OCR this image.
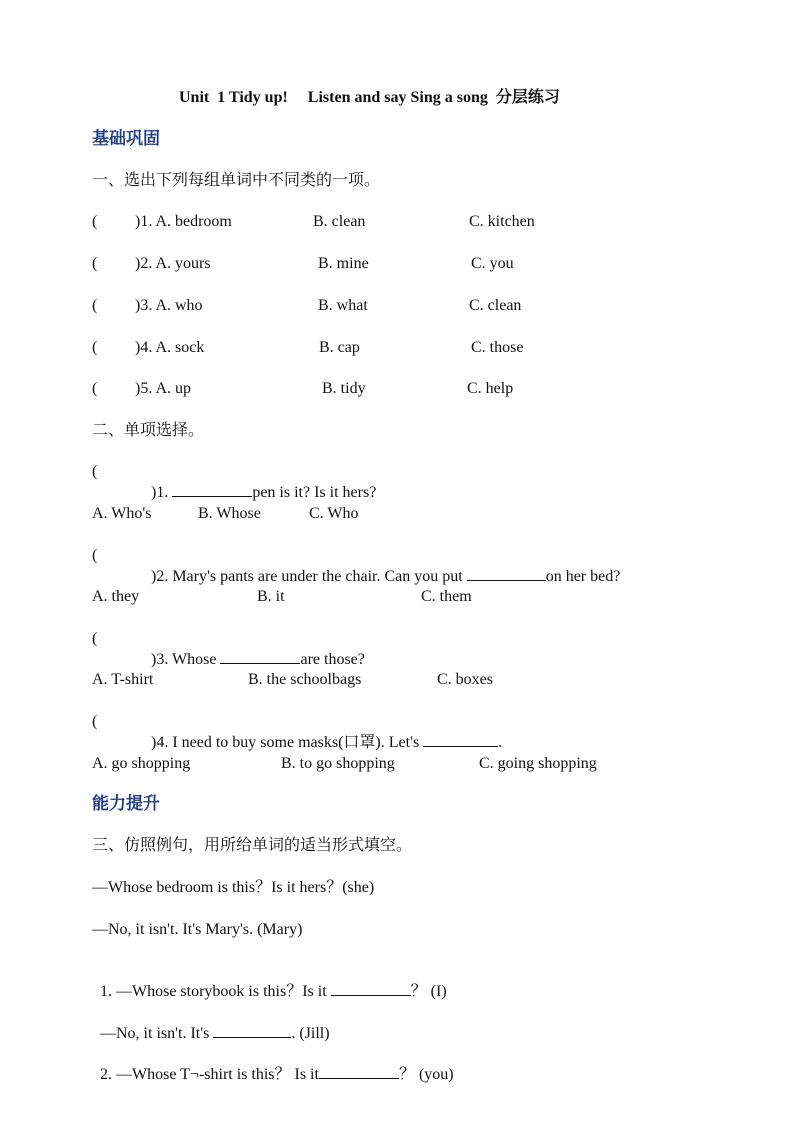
Unit  1 Tidy up!     Listen and say Sing a song  分层练习
基础巩固
一、选出下列每组单词中不同类的一项。
( )1. A. bedroom	B. clean	C. kitchen
( )2. A. yours	B. mine	C. you
( )3. A. who	B. what	C. clean
( )4. A. sock	B. cap	C. those
( )5. A. up	B. tidy	C. help
二、单项选择。
(

)1.	pen is it? Is it hers?

A. Who's	B. Whose	C. Who
(

)2. Mary's pants are under the chair. Can you put	on her bed?

A. they	B. it	C. them
(

)3. Whose	are those?

A. T-shirt	B. the schoolbags	C. boxes
(

)4. I need to buy some masks(口罩). Let's	.

A. go shopping	B. to go shopping	C. going shopping
能力提升
三、仿照例句，用所给单词的适当形式填空。
—Whose bedroom is this？Is it hers？(she)
—No, it isn't. It's Mary's. (Mary)

1. —Whose storybook is this？Is it	？ (I)

—No, it isn't. It's	. (Jill)

2. —Whose T¬-shirt is this？ Is it	？ (you)
